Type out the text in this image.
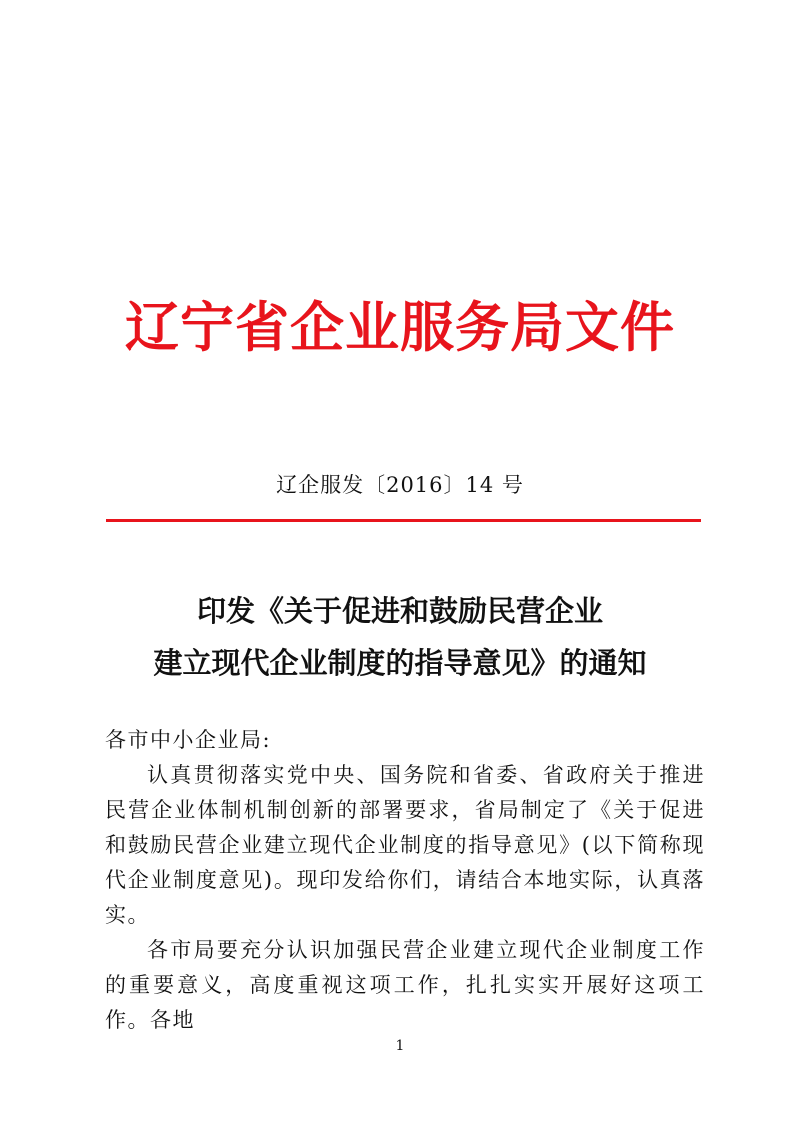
辽宁省企业服务局文件
辽企服发〔2016〕14 号
印发《关于促进和鼓励民营企业
建立现代企业制度的指导意见》的通知

各市中小企业局:

认真贯彻落实党中央、国务院和省委、省政府关于推进民营企业体制机制创新的部署要求，省局制定了《关于促进和鼓励民营企业建立现代企业制度的指导意见》(以下简称现代企业制度意见)。现印发给你们，请结合本地实际，认真落实。

各市局要充分认识加强民营企业建立现代企业制度工作的重要意义，高度重视这项工作，扎扎实实开展好这项工作。各地

1
